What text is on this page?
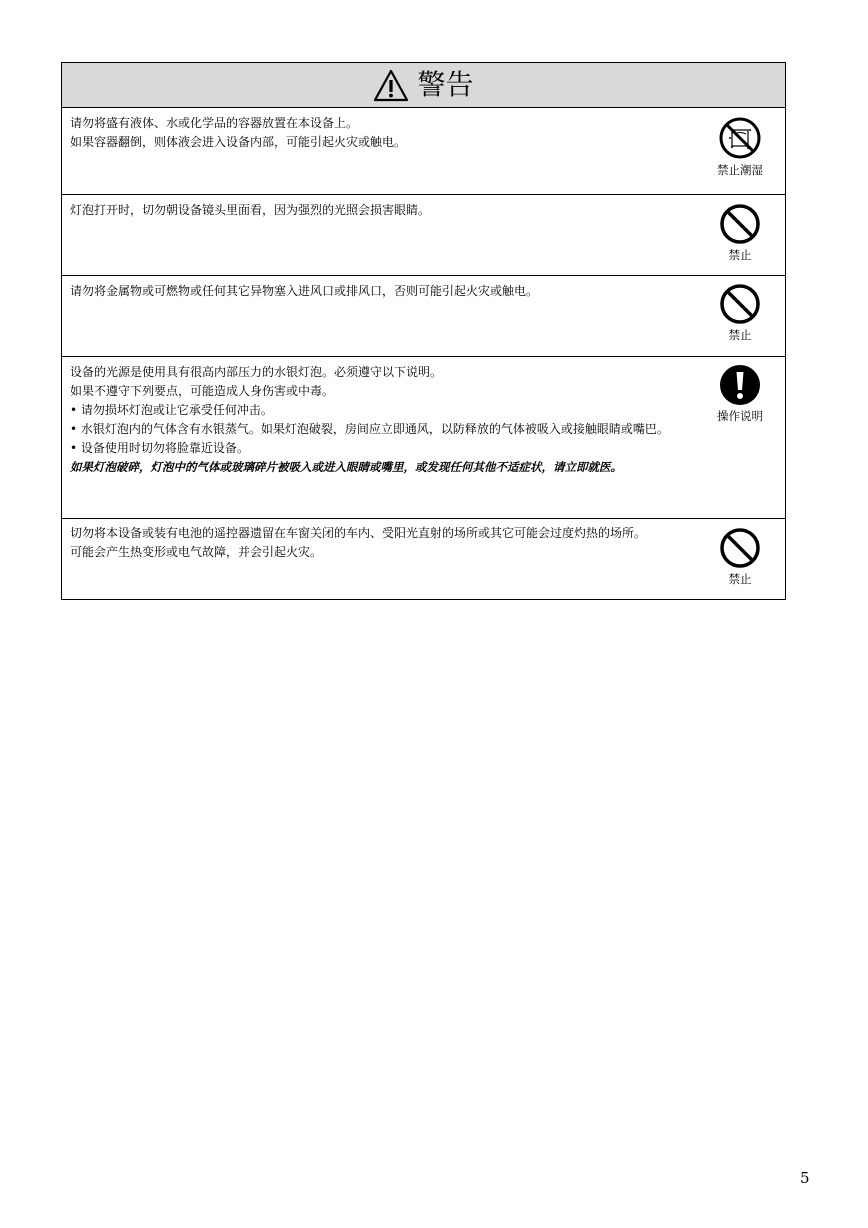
警告

请勿将盛有液体、水或化学品的容器放置在本设备上。

如果容器翻倒，则体液会进入设备内部，可能引起火灾或触电。

禁止潮湿

灯泡打开时，切勿朝设备镜头里面看，因为强烈的光照会损害眼睛。

禁止

请勿将金属物或可燃物或任何其它异物塞入进风口或排风口，否则可能引起火灾或触电。

禁止

设备的光源是使用具有很高内部压力的水银灯泡。必须遵守以下说明。

如果不遵守下列要点，可能造成人身伤害或中毒。

• 请勿损坏灯泡或让它承受任何冲击。

• 水银灯泡内的气体含有水银蒸气。如果灯泡破裂，房间应立即通风，以防释放的气体被吸入或接触眼睛或嘴巴。

• 设备使用时切勿将脸靠近设备。

如果灯泡破碎，灯泡中的气体或玻璃碎片被吸入或进入眼睛或嘴里，或发现任何其他不适症状，请立即就医。

操作说明

切勿将本设备或装有电池的遥控器遗留在车窗关闭的车内、受阳光直射的场所或其它可能会过度灼热的场所。

可能会产生热变形或电气故障，并会引起火灾。

禁止
5
